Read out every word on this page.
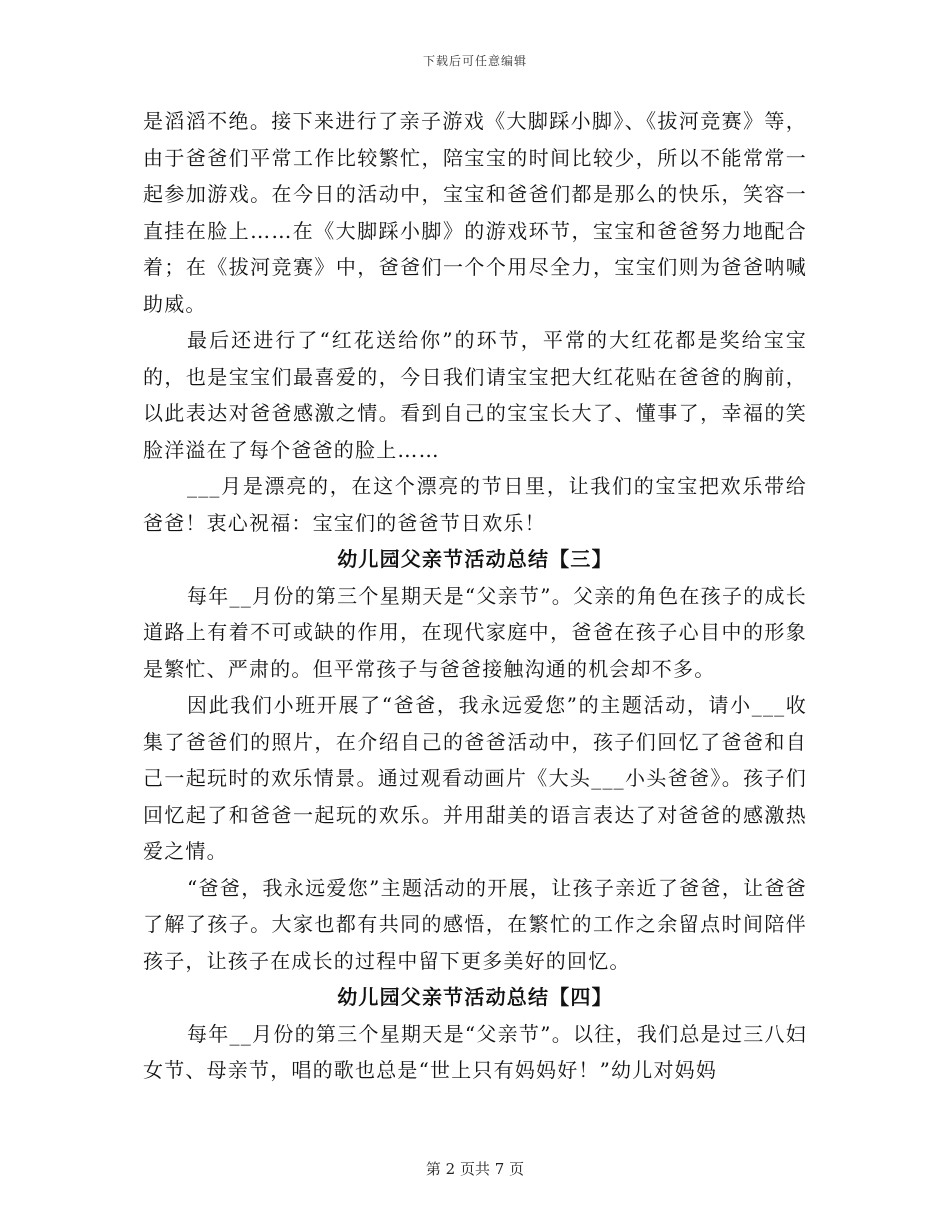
下载后可任意编辑

是滔滔不绝。接下来进行了亲子游戏《大脚踩小脚》、《拔河竞赛》等，由于爸爸们平常工作比较繁忙，陪宝宝的时间比较少，所以不能常常一起参加游戏。在今日的活动中，宝宝和爸爸们都是那么的快乐，笑容一直挂在脸上……在《大脚踩小脚》的游戏环节，宝宝和爸爸努力地配合着；在《拔河竞赛》中，爸爸们一个个用尽全力，宝宝们则为爸爸呐喊助威。

最后还进行了“红花送给你”的环节，平常的大红花都是奖给宝宝的，也是宝宝们最喜爱的，今日我们请宝宝把大红花贴在爸爸的胸前，以此表达对爸爸感激之情。看到自己的宝宝长大了、懂事了，幸福的笑脸洋溢在了每个爸爸的脸上……

___月是漂亮的，在这个漂亮的节日里，让我们的宝宝把欢乐带给爸爸！衷心祝福：宝宝们的爸爸节日欢乐！

幼儿园父亲节活动总结【三】

每年__月份的第三个星期天是“父亲节”。父亲的角色在孩子的成长道路上有着不可或缺的作用，在现代家庭中，爸爸在孩子心目中的形象是繁忙、严肃的。但平常孩子与爸爸接触沟通的机会却不多。

因此我们小班开展了“爸爸，我永远爱您”的主题活动，请小___收集了爸爸们的照片，在介绍自己的爸爸活动中，孩子们回忆了爸爸和自己一起玩时的欢乐情景。通过观看动画片《大头___小头爸爸》。孩子们回忆起了和爸爸一起玩的欢乐。并用甜美的语言表达了对爸爸的感激热爱之情。

“爸爸，我永远爱您”主题活动的开展，让孩子亲近了爸爸，让爸爸了解了孩子。大家也都有共同的感悟，在繁忙的工作之余留点时间陪伴孩子，让孩子在成长的过程中留下更多美好的回忆。

幼儿园父亲节活动总结【四】

每年__月份的第三个星期天是“父亲节”。以往，我们总是过三八妇女节、母亲节，唱的歌也总是“世上只有妈妈好！”幼儿对妈妈

第 2 页共 7 页
